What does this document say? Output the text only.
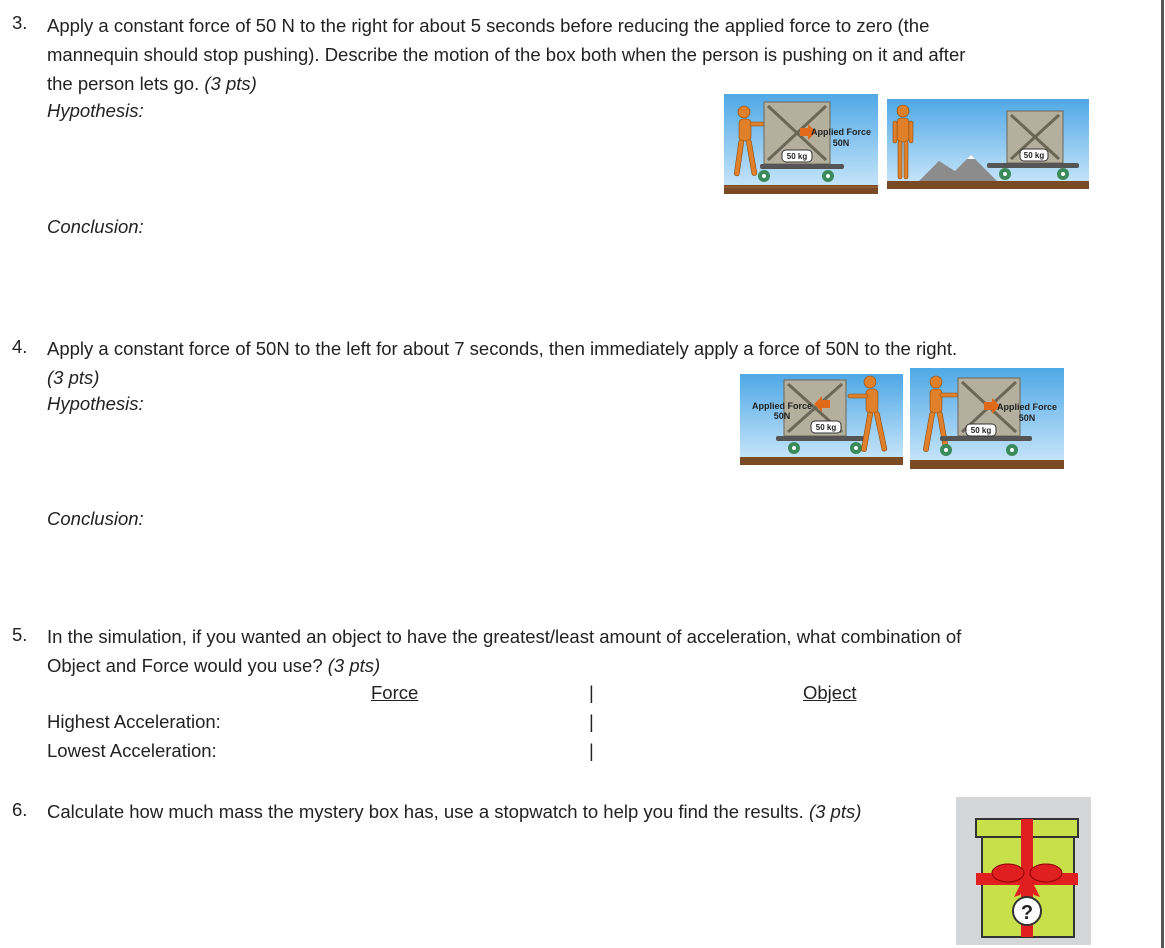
3. Apply a constant force of 50 N to the right for about 5 seconds before reducing the applied force to zero (the
mannequin should stop pushing). Describe the motion of the box both when the person is pushing on it and after
the person lets go. (3 pts)
Hypothesis:
Conclusion:
50 kg
Applied Force
50N
50 kg
4. Apply a constant force of 50N to the left for about 7 seconds, then immediately apply a force of 50N to the right.
(3 pts)
Hypothesis:
Conclusion:
50 kg
Applied Force
50N
50 kg
Applied Force
50N
5. In the simulation, if you wanted an object to have the greatest/least amount of acceleration, what combination of
Object and Force would you use? (3 pts)
Force	Object
|
|
|
Highest Acceleration:
Lowest Acceleration:
6. Calculate how much mass the mystery box has, use a stopwatch to help you find the results. (3 pts)
?
